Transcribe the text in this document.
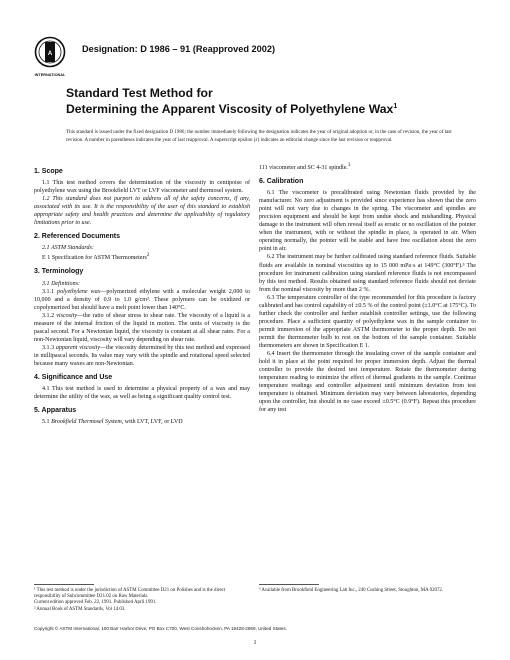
A
INTERNATIONAL
Designation: D 1986 – 91 (Reapproved 2002)
Standard Test Method for
Determining the Apparent Viscosity of Polyethylene Wax$^1$
This standard is issued under the fixed designation D 1986; the number immediately following the designation indicates the year of original adoption or, in the case of revision, the year of last revision. A number in parentheses indicates the year of last reapproval. A superscript epsilon (ε) indicates an editorial change since the last revision or reapproval.
1. Scope

1.1 This test method covers the determination of the viscosity in centipoise of polyethylene wax using the Brookfield LVT or LVF viscometer and thermosel system.

1.2 This standard does not purport to address all of the safety concerns, if any, associated with its use. It is the responsibility of the user of this standard to establish appropriate safety and health practices and determine the applicability of regulatory limitations prior to use.

2. Referenced Documents

2.1 ASTM Standards:

E 1 Specification for ASTM Thermometers$^2$

3. Terminology

3.1 Definitions:

3.1.1 polyethylene wax—polymerized ethylene with a molecular weight 2,000 to 10,000 and a density of 0.9 to 1.0 g/cm³. These polymers can be oxidized or copolymerized but should have a melt point lower than 140°C.

3.1.2 viscosity—the ratio of shear stress to shear rate. The viscosity of a liquid is a measure of the internal friction of the liquid in motion. The units of viscosity is the pascal second. For a Newtonian liquid, the viscosity is constant at all shear rates. For a non-Newtonian liquid, viscosity will vary depending on shear rate.

3.1.3 apparent viscosity—the viscosity determined by this test method and expressed in millipascal seconds. Its value may vary with the spindle and rotational speed selected because many waxes are non-Newtonian.

4. Significance and Use

4.1 This test method is used to determine a physical property of a wax and may determine the utility of the wax, as well as being a significant quality control test.

5. Apparatus

5.1 Brookfield Thermosel System, with LVT, LVF, or LVD

111 viscometer and SC 4-31 spindle.$^3$

6. Calibration

6.1 The viscometer is precalibrated using Newtonian fluids provided by the manufacturer. No zero adjustment is provided since experience has shown that the zero point will not vary due to changes in the spring. The viscometer and spindles are precision equipment and should be kept from undue shock and mishandling. Physical damage to the instrument will often reveal itself as erratic or no oscillation of the pointer when the instrument, with or without the spindle in place, is operated in air. When operating normally, the pointer will be stable and have free oscillation about the zero point in air.

6.2 The instrument may be further calibrated using standard reference fluids. Suitable fluids are available in nominal viscosities up to 15 000 mPa·s at 149°C (300°F).³ The procedure for instrument calibration using standard reference fluids is not encompassed by this test method. Results obtained using standard reference fluids should not deviate from the nominal viscosity by more than 2 %.

6.3 The temperature controller of the type recommended for this procedure is factory calibrated and has control capability of ±0.5 % of the control point (±1.0°C at 175°C). To further check the controller and further establish controller settings, use the following procedure. Place a sufficient quantity of polyethylene wax in the sample container to permit immersion of the appropriate ASTM thermometer to the proper depth. Do not permit the thermometer bulb to rest on the bottom of the sample container. Suitable thermometers are shown in Specification E 1.

6.4 Insert the thermometer through the insulating cover of the sample container and hold it in place at the point required for proper immersion depth. Adjust the thermal controller to provide the desired test temperature. Rotate the thermometer during temperature reading to minimize the effect of thermal gradients in the sample. Continue temperature readings and controller adjustment until minimum deviation from test temperature is obtained. Minimum deviation may vary between laboratories, depending upon the controller, but should in no case exceed ±0.5°C (0.9°F). Repeat this procedure for any test

¹ This test method is under the jurisdiction of ASTM Committee D21 on Polishes and is the direct responsibility of Subcommittee D21.02 on Raw Materials.
Current edition approved Feb. 22, 1991. Published April 1991.
² Annual Book of ASTM Standards, Vol 14.03.
³ Available from Brookfield Engineering Lab Inc., 240 Cushing Street, Stoughton, MA 02072.
Copyright © ASTM International, 100 Barr Harbor Drive, PO Box C700, West Conshohocken, PA 19428-2959, United States.
1
